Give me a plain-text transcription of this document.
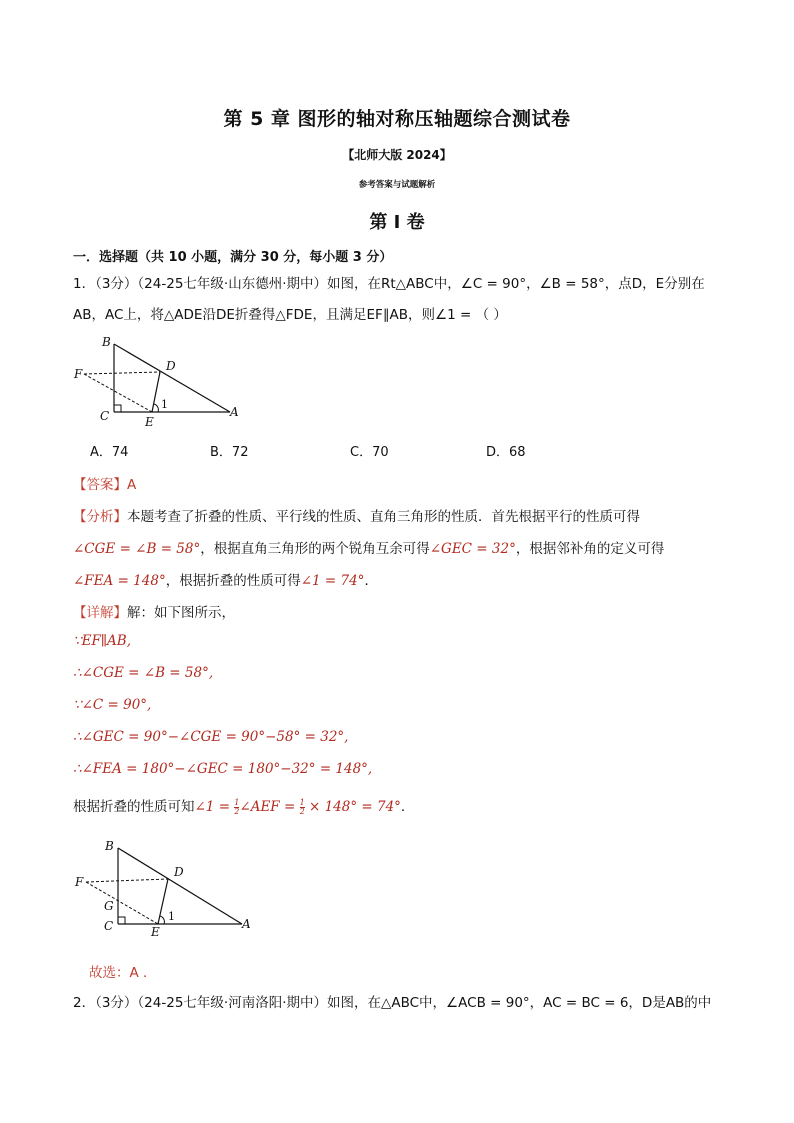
第 5 章 图形的轴对称压轴题综合测试卷
【北师大版 2024】
参考答案与试题解析
第 I 卷
一．选择题（共 10 小题，满分 30 分，每小题 3 分）
1．（3分）（24-25七年级·山东德州·期中）如图，在Rt△ABC中，∠C = 90°，∠B = 58°，点D，E分别在
AB，AC上，将△ADE沿DE折叠得△FDE，且满足EF∥AB，则∠1 = （ ）
B
F
D
C	E
A
1
A．74	B．72	C．70	D．68
【答案】A
【分析】本题考查了折叠的性质、平行线的性质、直角三角形的性质．首先根据平行的性质可得
∠CGE = ∠B = 58°，根据直角三角形的两个锐角互余可得∠GEC = 32°，根据邻补角的定义可得
∠FEA = 148°，根据折叠的性质可得∠1 = 74°．
【详解】解：如下图所示，
∵EF∥AB,
∴∠CGE = ∠B = 58°,
∵∠C = 90°,
∴∠GEC = 90°−∠CGE = 90°−58° = 32°,
∴∠FEA = 180°−∠GEC = 180°−32° = 148°,
根据折叠的性质可知∠1 = $\frac{1}{2}$ ∠AEF = $\frac{1}{2} \times 148^\circ = 74^\circ$．
B
F
D
G
C	E
A
1
故选：A ．
2．（3分）（24-25七年级·河南洛阳·期中）如图，在△ABC中，∠ACB = 90°，AC = BC = 6，D是AB的中
